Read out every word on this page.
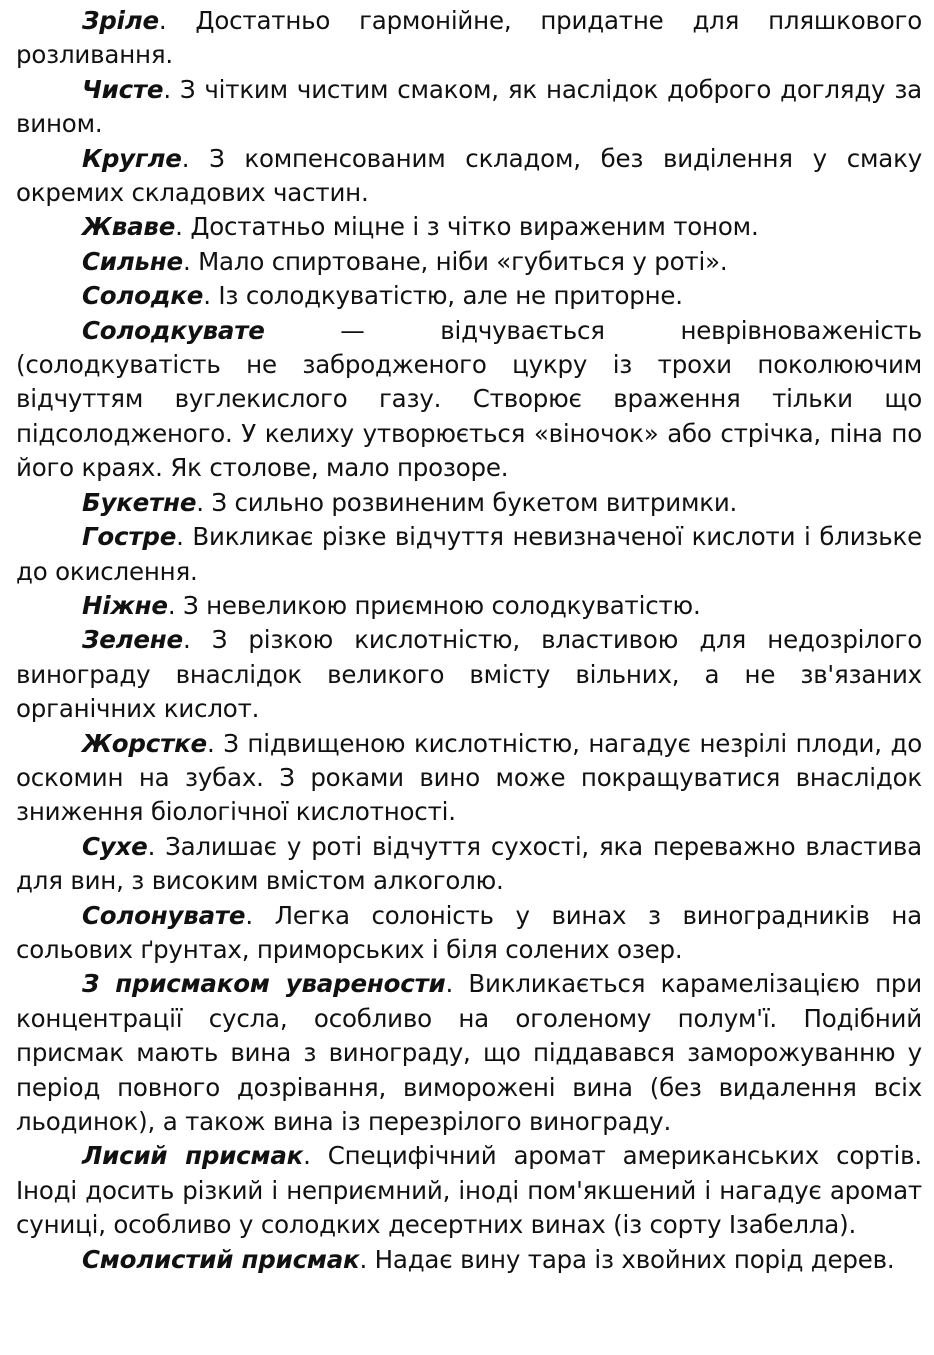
Зріле. Достатньо гармонійне, придатне для пляшкового розливання.

Чисте. З чітким чистим смаком, як наслідок доброго догляду за вином.

Кругле. З компенсованим складом, без виділення у смаку окремих складових частин.

Жваве. Достатньо міцне і з чітко вираженим тоном.

Сильне. Мало спиртоване, ніби «губиться у роті».

Солодке. Із солодкуватістю, але не приторне.

Солодкувате — відчувається неврівноваженість (солодкуватість не забродженого цукру із трохи поколюючим відчуттям вуглекислого газу. Створює враження тільки що підсолодженого. У келиху утворюється «віночок» або стрічка, піна по його краях. Як столове, мало прозоре.

Букетне. З сильно розвиненим букетом витримки.

Гостре. Викликає різке відчуття невизначеної кислоти і близьке до окислення.

Ніжне. З невеликою приємною солодкуватістю.

Зелене. З різкою кислотністю, властивою для недозрілого винограду внаслідок великого вмісту вільних, а не зв'язаних органічних кислот.

Жорстке. З підвищеною кислотністю, нагадує незрілі плоди, до оскомин на зубах. З роками вино може покращуватися внаслідок зниження біологічної кислотності.

Сухе. Залишає у роті відчуття сухості, яка переважно властива для вин, з високим вмістом алкоголю.

Солонувате. Легка солоність у винах з виноградників на сольових ґрунтах, приморських і біля солених озер.

З присмаком уварености. Викликається карамелізацією при концентрації сусла, особливо на оголеному полум'ї. Подібний присмак мають вина з винограду, що піддавався заморожуванню у період повного дозрівання, виморожені вина (без видалення всіх льодинок), а також вина із перезрілого винограду.

Лисий присмак. Специфічний аромат американських сортів. Іноді досить різкий і неприємний, іноді пом'якшений і нагадує аромат суниці, особливо у солодких десертних винах (із сорту Ізабелла).

Смолистий присмак. Надає вину тара із хвойних порід дерев.
